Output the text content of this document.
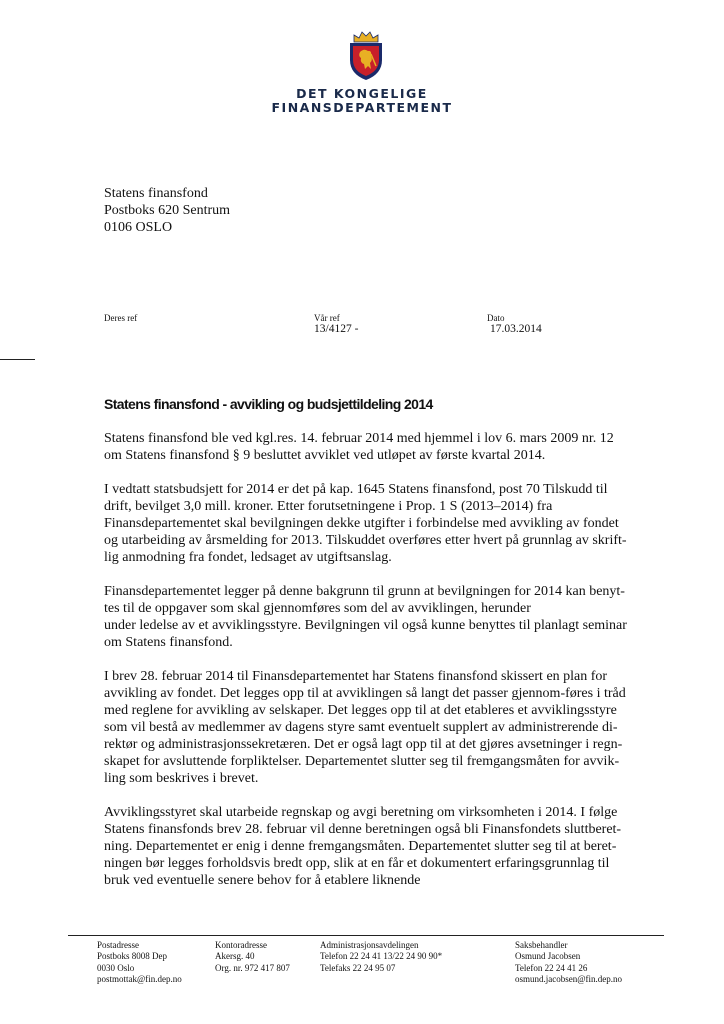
DET KONGELIGE
FINANSDEPARTEMENT
Statens finansfond
Postboks 620 Sentrum
0106 OSLO
Deres ref	Vår ref
13/4127 -
Dato
17.03.2014
Statens finansfond - avvikling og budsjettildeling 2014

Statens finansfond ble ved kgl.res. 14. februar 2014 med hjemmel i lov 6. mars 2009 nr. 12
om Statens finansfond § 9 besluttet avviklet ved utløpet av første kvartal 2014.

I vedtatt statsbudsjett for 2014 er det på kap. 1645 Statens finansfond, post 70 Tilskudd til
drift, bevilget 3,0 mill. kroner. Etter forutsetningene i Prop. 1 S (2013–2014) fra
Finansdepartementet skal bevilgningen dekke utgifter i forbindelse med avvikling av fondet
og utarbeiding av årsmelding for 2013. Tilskuddet overføres etter hvert på grunnlag av skrift-
lig anmodning fra fondet, ledsaget av utgiftsanslag.

Finansdepartementet legger på denne bakgrunn til grunn at bevilgningen for 2014 kan benyt-
tes til de oppgaver som skal gjennomføres som del av avviklingen, herunder
under ledelse av et avviklingsstyre. Bevilgningen vil også kunne benyttes til planlagt seminar
om Statens finansfond.

I brev 28. februar 2014 til Finansdepartementet har Statens finansfond skissert en plan for
avvikling av fondet. Det legges opp til at avviklingen så langt det passer gjennom-føres i tråd
med reglene for avvikling av selskaper. Det legges opp til at det etableres et avviklingsstyre
som vil bestå av medlemmer av dagens styre samt eventuelt supplert av administrerende di-
rektør og administrasjonssekretæren. Det er også lagt opp til at det gjøres avsetninger i regn-
skapet for avsluttende forpliktelser. Departementet slutter seg til fremgangsmåten for avvik-
ling som beskrives i brevet.

Avviklingsstyret skal utarbeide regnskap og avgi beretning om virksomheten i 2014. I følge
Statens finansfonds brev 28. februar vil denne beretningen også bli Finansfondets sluttberet-
ning. Departementet er enig i denne fremgangsmåten. Departementet slutter seg til at beret-
ningen bør legges forholdsvis bredt opp, slik at en får et dokumentert erfaringsgrunnlag til
bruk ved eventuelle senere behov for å etablere liknende

Postadresse
Postboks 8008 Dep
0030 Oslo
postmottak@fin.dep.no
Kontoradresse
Akersg. 40
Org. nr. 972 417 807
Administrasjonsavdelingen
Telefon 22 24 41 13/22 24 90 90*
Telefaks 22 24 95 07
Saksbehandler
Osmund Jacobsen
Telefon 22 24 41 26
osmund.jacobsen@fin.dep.no
